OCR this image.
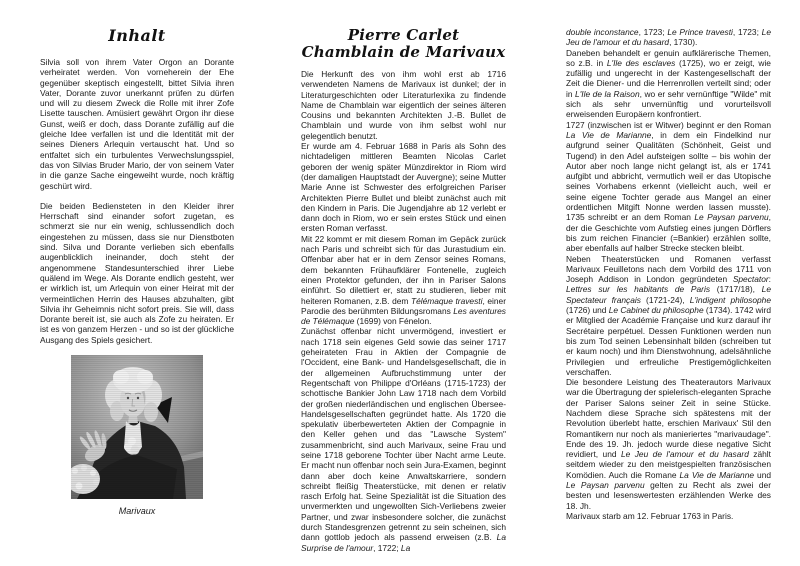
Inhalt

Silvia soll von ihrem Vater Orgon an Dorante verheiratet werden. Von vorneherein der Ehe gegenüber skeptisch eingestellt, bittet Silvia ihren Vater, Dorante zuvor unerkannt prüfen zu dürfen und will zu diesem Zweck die Rolle mit ihrer Zofe Lisette tauschen. Amüsiert gewährt Orgon ihr diese Gunst, weiß er doch, dass Dorante zufällig auf die gleiche Idee verfallen ist und die Identität mit der seines Dieners Arlequin vertauscht hat. Und so entfaltet sich ein turbulentes Verwechslungsspiel, das von Silvias Bruder Mario, der von seinem Vater in die ganze Sache eingeweiht wurde, noch kräftig geschürt wird.

Die beiden Bediensteten in den Kleider ihrer Herrschaft sind einander sofort zugetan, es schmerzt sie nur ein wenig, schlussendlich doch eingestehen zu müssen, dass sie nur Dienstboten sind. Silva und Dorante verlieben sich ebenfalls augenblicklich ineinander, doch steht der angenommene Standesunterschied ihrer Liebe quälend im Wege. Als Dorante endlich gesteht, wer er wirklich ist, um Arlequin von einer Heirat mit der vermeintlichen Herrin des Hauses abzuhalten, gibt Silvia ihr Geheimnis nicht sofort preis. Sie will, dass Dorante bereit ist, sie auch als Zofe zu heiraten. Er ist es von ganzem Herzen - und so ist der glückliche Ausgang des Spiels gesichert.

Marivaux
Pierre Carlet Chamblain de Marivaux

Die Herkunft des von ihm wohl erst ab 1716 verwendeten Namens de Marivaux ist dunkel; der in Literaturgeschichten oder Literaturlexika zu findende Name de Chamblain war eigentlich der seines älteren Cousins und bekannten Architekten J.-B. Bullet de Chamblain und wurde von ihm selbst wohl nur gelegentlich benutzt.

Er wurde am 4. Februar 1688 in Paris als Sohn des nichtadeligen mittleren Beamten Nicolas Carlet geboren der wenig später Münzdirektor in Riom wird (der damaligen Hauptstadt der Auvergne); seine Mutter Marie Anne ist Schwester des erfolgreichen Pariser Architekten Pierre Bullet und bleibt zunächst auch mit den Kindern in Paris. Die Jugendjahre ab 12 verlebt er dann doch in Riom, wo er sein erstes Stück und einen ersten Roman verfasst.

Mit 22 kommt er mit diesem Roman im Gepäck zurück nach Paris und schreibt sich für das Jurastudium ein. Offenbar aber hat er in dem Zensor seines Romans, dem bekannten Frühaufklärer Fontenelle, zugleich einen Protektor gefunden, der ihn in Pariser Salons einführt. So dilettiert er, statt zu studieren, lieber mit heiteren Romanen, z.B. dem Télémaque travesti, einer Parodie des berühmten Bildungsromans Les aventures de Télémaque (1699) von Fénelon.

Zunächst offenbar nicht unvermögend, investiert er nach 1718 sein eigenes Geld sowie das seiner 1717 geheirateten Frau in Aktien der Compagnie de l'Occident, eine Bank- und Handelsgesellschaft, die in der allgemeinen Aufbruchstimmung unter der Regentschaft von Philippe d'Orléans (1715-1723) der schottische Bankier John Law 1718 nach dem Vorbild der großen niederländischen und englischen Übersee-Handelsgesellschaften gegründet hatte. Als 1720 die spekulativ überbewerteten Aktien der Compagnie in den Keller gehen und das "Lawsche System" zusammenbricht, sind auch Marivaux, seine Frau und seine 1718 geborene Tochter über Nacht arme Leute. Er macht nun offenbar noch sein Jura-Examen, beginnt dann aber doch keine Anwaltskarriere, sondern schreibt fleißig Theaterstücke, mit denen er relativ rasch Erfolg hat. Seine Spezialität ist die Situation des unvermerkten und ungewollten Sich-Verliebens zweier Partner, und zwar insbesondere solcher, die zunächst durch Standesgrenzen getrennt zu sein scheinen, sich dann gottlob jedoch als passend erweisen (z.B. La Surprise de l'amour, 1722; La

double inconstance, 1723; Le Prince travesti, 1723; Le Jeu de l'amour et du hasard, 1730).

Daneben behandelt er genuin aufklärerische Themen, so z.B. in L'Ile des esclaves (1725), wo er zeigt, wie zufällig und ungerecht in der Kastengesellschaft der Zeit die Diener- und die Herrenrollen verteilt sind; oder in L'Ile de la Raison, wo er sehr vernünftige "Wilde" mit sich als sehr unvernünftig und vorurteilsvoll erweisenden Europäern konfrontiert.

1727 (inzwischen ist er Witwer) beginnt er den Roman La Vie de Marianne, in dem ein Findelkind nur aufgrund seiner Qualitäten (Schönheit, Geist und Tugend) in den Adel aufsteigen sollte – bis wohin der Autor aber noch lange nicht gelangt ist, als er 1741 aufgibt und abbricht, vermutlich weil er das Utopische seines Vorhabens erkennt (vielleicht auch, weil er seine eigene Tochter gerade aus Mangel an einer ordentlichen Mitgift Nonne werden lassen musste). 1735 schreibt er an dem Roman Le Paysan parvenu, der die Geschichte vom Aufstieg eines jungen Dörflers bis zum reichen Financier (=Bankier) erzählen sollte, aber ebenfalls auf halber Strecke stecken bleibt.

Neben Theaterstücken und Romanen verfasst Marivaux Feuilletons nach dem Vorbild des 1711 von Joseph Addison in London gegründeten Spectator: Lettres sur les habitants de Paris (1717/18), Le Spectateur français (1721-24), L'indigent philosophe (1726) und Le Cabinet du philosophe (1734). 1742 wird er Mitglied der Académie Française und kurz darauf ihr Secrétaire perpétuel. Dessen Funktionen werden nun bis zum Tod seinen Lebensinhalt bilden (schreiben tut er kaum noch) und ihm Dienstwohnung, adelsähnliche Privilegien und erfreuliche Prestigemöglichkeiten verschaffen.

Die besondere Leistung des Theaterautors Marivaux war die Übertragung der spielerisch-eleganten Sprache der Pariser Salons seiner Zeit in seine Stücke. Nachdem diese Sprache sich spätestens mit der Revolution überlebt hatte, erschien Marivaux' Stil den Romantikern nur noch als manieriertes "marivaudage". Ende des 19. Jh. jedoch wurde diese negative Sicht revidiert, und Le Jeu de l'amour et du hasard zählt seitdem wieder zu den meistgespielten französischen Komödien. Auch die Romane La Vie de Marianne und Le Paysan parvenu gelten zu Recht als zwei der besten und lesenswertesten erzählenden Werke des 18. Jh.

Marivaux starb am 12. Februar 1763 in Paris.
